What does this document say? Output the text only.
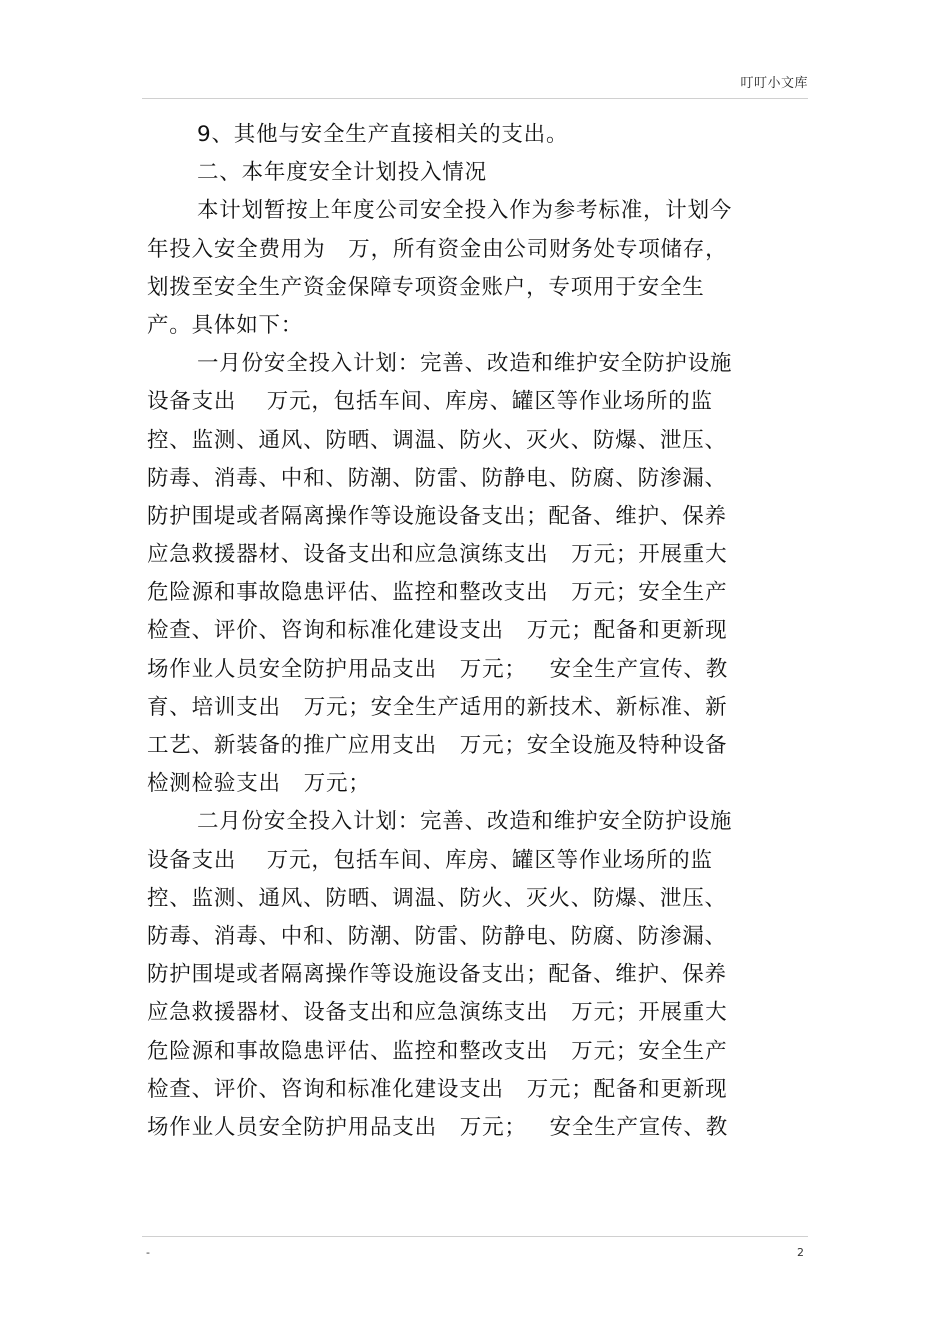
叮叮小文库
9、其他与安全生产直接相关的支出。
二、本年度安全计划投入情况
本计划暂按上年度公司安全投入作为参考标准，计划今
年投入安全费用为   万，所有资金由公司财务处专项储存，
划拨至安全生产资金保障专项资金账户，专项用于安全生
产。具体如下：
一月份安全投入计划：完善、改造和维护安全防护设施
设备支出    万元，包括车间、库房、罐区等作业场所的监
控、监测、通风、防晒、调温、防火、灭火、防爆、泄压、
防毒、消毒、中和、防潮、防雷、防静电、防腐、防渗漏、
防护围堤或者隔离操作等设施设备支出；配备、维护、保养
应急救援器材、设备支出和应急演练支出   万元；开展重大
危险源和事故隐患评估、监控和整改支出   万元；安全生产
检查、评价、咨询和标准化建设支出   万元；配备和更新现
场作业人员安全防护用品支出   万元；   安全生产宣传、教
育、培训支出   万元；安全生产适用的新技术、新标准、新
工艺、新装备的推广应用支出   万元；安全设施及特种设备
检测检验支出   万元；
二月份安全投入计划：完善、改造和维护安全防护设施
设备支出    万元，包括车间、库房、罐区等作业场所的监
控、监测、通风、防晒、调温、防火、灭火、防爆、泄压、
防毒、消毒、中和、防潮、防雷、防静电、防腐、防渗漏、
防护围堤或者隔离操作等设施设备支出；配备、维护、保养
应急救援器材、设备支出和应急演练支出   万元；开展重大
危险源和事故隐患评估、监控和整改支出   万元；安全生产
检查、评价、咨询和标准化建设支出   万元；配备和更新现
场作业人员安全防护用品支出   万元；   安全生产宣传、教
-	2
